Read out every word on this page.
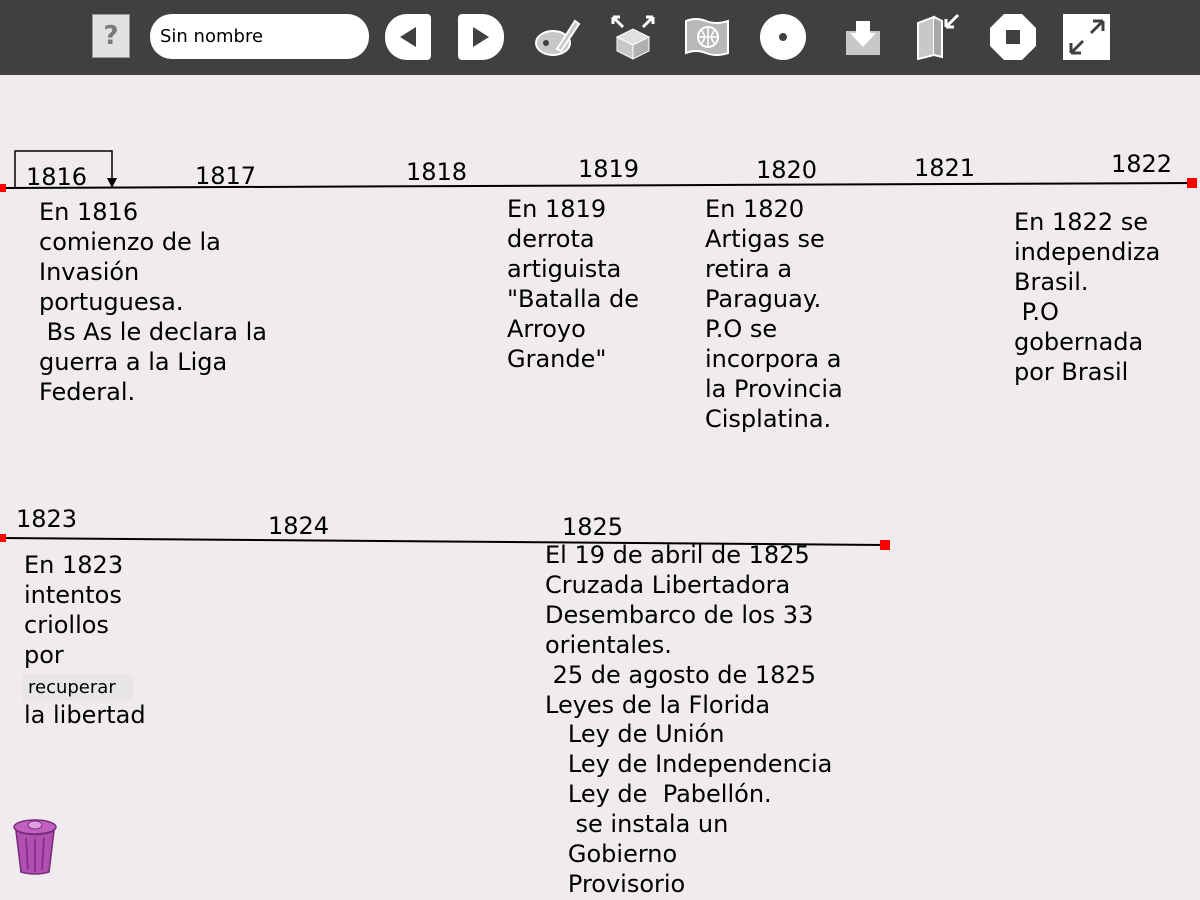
?
Sin nombre
1816	1817	1818	1819	1820	1821	1822
En 1816
comienzo de la
Invasión
portuguesa.
Bs As le declara la
guerra a la Liga
Federal.
En 1819
derrota
artiguista
"Batalla de
Arroyo
Grande"
En 1820
Artigas se
retira a
Paraguay.
P.O se
incorpora a
la Provincia
Cisplatina.
En 1822 se
independiza
Brasil.
P.O
gobernada
por Brasil
1823	1824	1825
En 1823
intentos
criollos
por
recuperar
la libertad
El 19 de abril de 1825
Cruzada Libertadora
Desembarco de los 33
orientales.
25 de agosto de 1825
Leyes de la Florida
Ley de Unión
Ley de Independencia
Ley de  Pabellón.
se instala un
Gobierno
Provisorio
